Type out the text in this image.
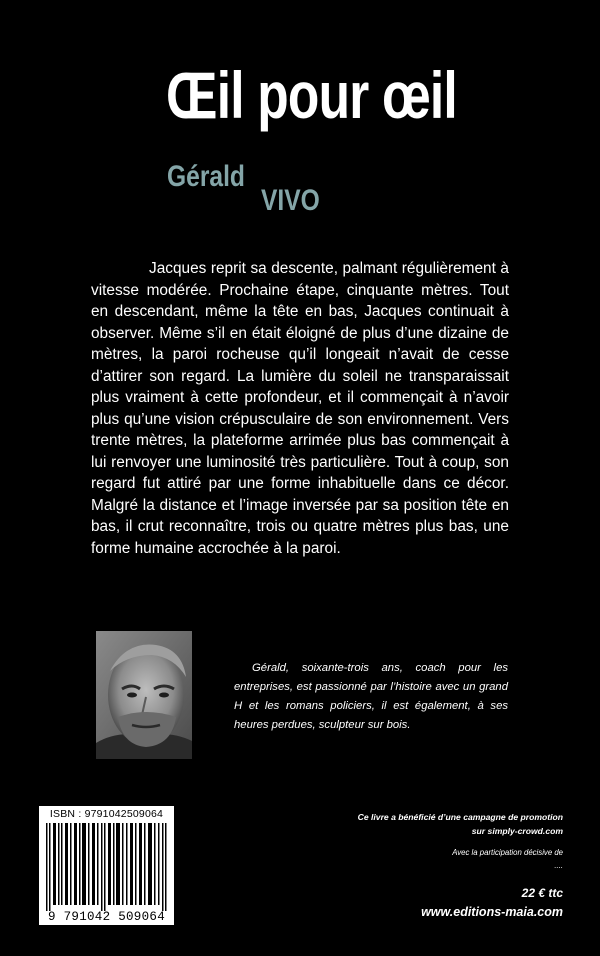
Œil pour œil
Gérald
VIVO

Jacques reprit sa descente, palmant régulièrement à vitesse modérée. Prochaine étape, cinquante mètres. Tout en descendant, même la tête en bas, Jacques continuait à observer. Même s’il en était éloigné de plus d’une dizaine de mètres, la paroi rocheuse qu’il longeait n’avait de cesse d’attirer son regard. La lumière du soleil ne transparaissait plus vraiment à cette profondeur, et il commençait à n’avoir plus qu’une vision crépusculaire de son environnement. Vers trente mètres, la plateforme arrimée plus bas commençait à lui renvoyer une luminosité très particulière. Tout à coup, son regard fut attiré par une forme inhabituelle dans ce décor. Malgré la distance et l’image inversée par sa position tête en bas, il crut reconnaître, trois ou quatre mètres plus bas, une forme humaine accrochée à la paroi.

Gérald, soixante-trois ans, coach pour les entreprises, est passionné par l’histoire avec un grand H et les romans policiers, il est également, à ses heures perdues, sculpteur sur bois.

ISBN : 9791042509064
9 791042 509064
Ce livre a bénéficié d’une campagne de promotion
sur simply-crowd.com
Avec la participation décisive de
....
22 € ttc
www.editions-maia.com
